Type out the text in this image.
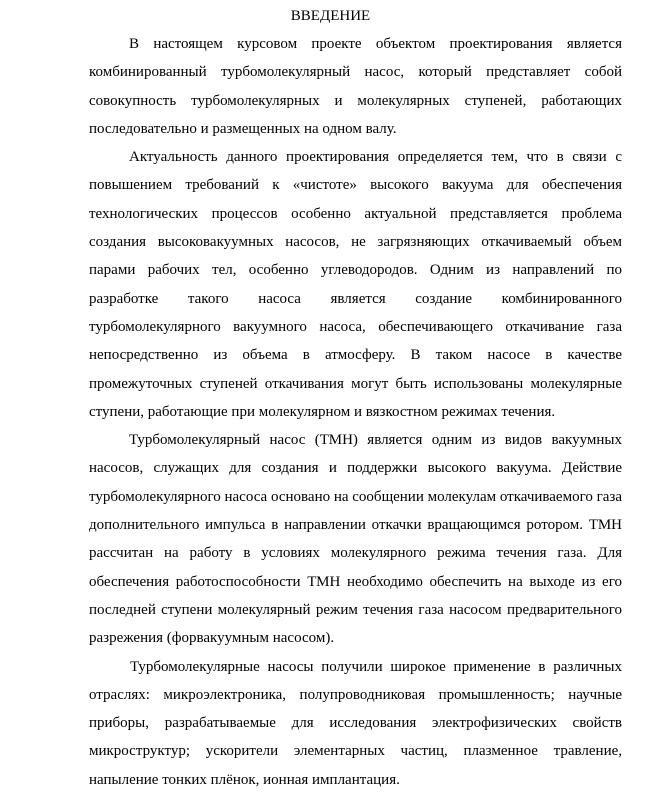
ВВЕДЕНИЕ

В настоящем курсовом проекте объектом проектирования является комбинированный турбомолекулярный насос, который представляет собой совокупность турбомолекулярных и молекулярных ступеней, работающих последовательно и размещенных на одном валу.

Актуальность данного проектирования определяется тем, что в связи с повышением требований к «чистоте» высокого вакуума для обеспечения технологических процессов особенно актуальной представляется проблема создания высоковакуумных насосов, не загрязняющих откачиваемый объем парами рабочих тел, особенно углеводородов. Одним из направлений по разработке такого насоса является создание комбинированного турбомолекулярного вакуумного насоса, обеспечивающего откачивание газа непосредственно из объема в атмосферу. В таком насосе в качестве промежуточных ступеней откачивания могут быть использованы молекулярные ступени, работающие при молекулярном и вязкостном режимах течения.

Турбомолекулярный насос (ТМН) является одним из видов вакуумных насосов, служащих для создания и поддержки высокого вакуума. Действие турбомолекулярного насоса основано на сообщении молекулам откачиваемого газа дополнительного импульса в направлении откачки вращающимся ротором. ТМН рассчитан на работу в условиях молекулярного режима течения газа. Для обеспечения работоспособности ТМН необходимо обеспечить на выходе из его последней ступени молекулярный режим течения газа насосом предварительного разрежения (форвакуумным насосом).

Турбомолекулярные насосы получили широкое применение в различных отраслях: микроэлектроника, полупроводниковая промышленность; научные приборы, разрабатываемые для исследования электрофизических свойств микроструктур; ускорители элементарных частиц, плазменное травление, напыление тонких плёнок, ионная имплантация.
